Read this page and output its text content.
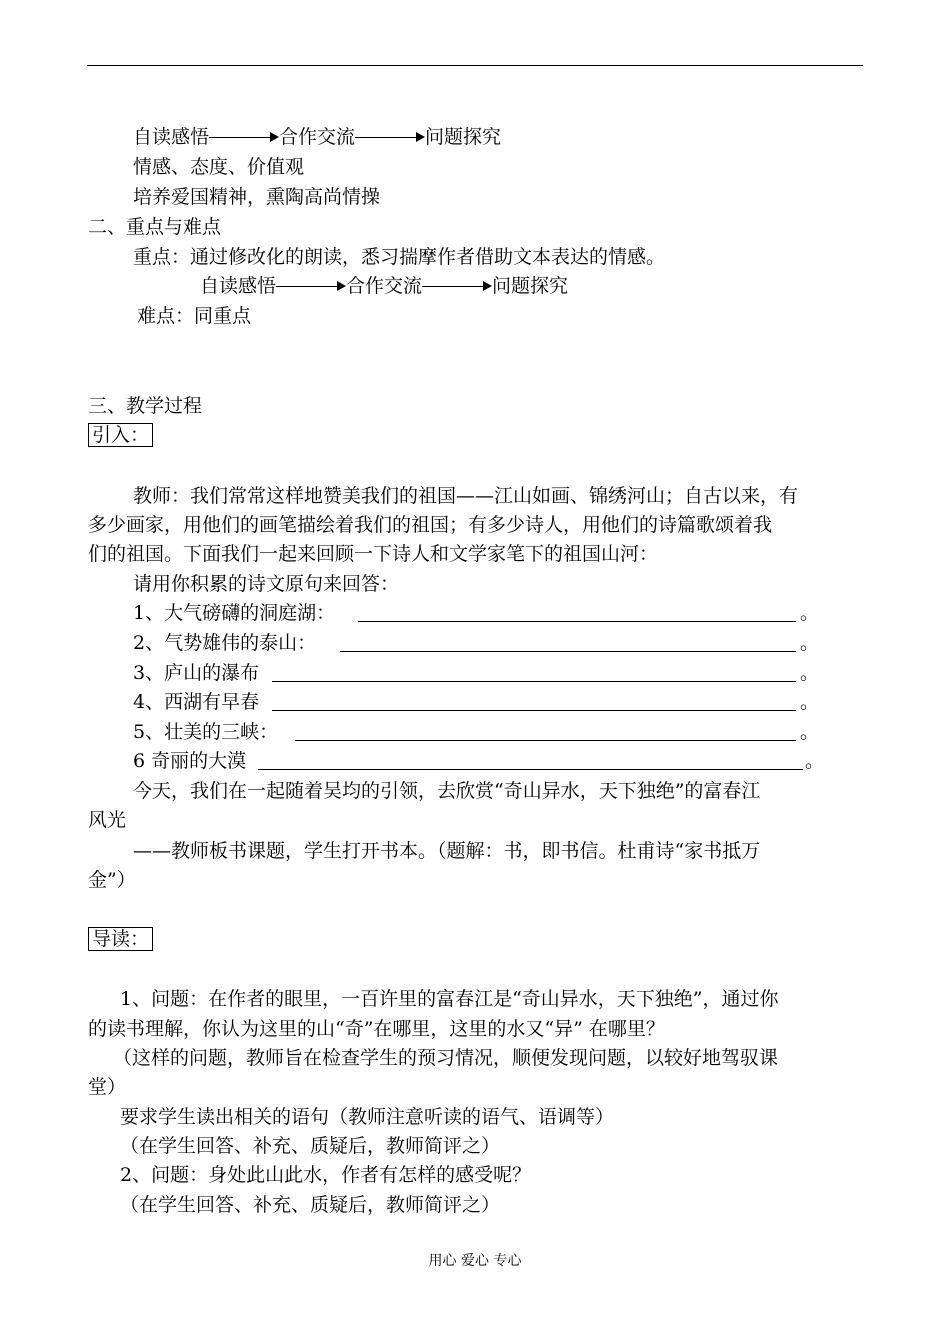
自读感悟	合作交流	问题探究
情感、态度、价值观
培养爱国精神，熏陶高尚情操
二、重点与难点
重点：通过修改化的朗读，悉习揣摩作者借助文本表达的情感。
自读感悟	合作交流	问题探究
难点：同重点
三、教学过程
引入：
教师：我们常常这样地赞美我们的祖国——江山如画、锦绣河山；自古以来，有
多少画家，用他们的画笔描绘着我们的祖国；有多少诗人，用他们的诗篇歌颂着我
们的祖国。下面我们一起来回顾一下诗人和文学家笔下的祖国山河：
请用你积累的诗文原句来回答：
1、大气磅礴的洞庭湖：	。
2、气势雄伟的泰山：	。
3、庐山的瀑布	。
4、西湖有早春	。
5、壮美的三峡：	。
6 奇丽的大漠	。
今天，我们在一起随着吴均的引领，去欣赏“奇山异水，天下独绝”的富春江
风光
——教师板书课题，学生打开书本。（题解：书，即书信。杜甫诗“家书抵万
金”）
导读：
1、问题：在作者的眼里，一百许里的富春江是“奇山异水，天下独绝”，通过你
的读书理解，你认为这里的山“奇”在哪里，这里的水又“异” 在哪里？
（这样的问题，教师旨在检查学生的预习情况，顺便发现问题，以较好地驾驭课
堂）
要求学生读出相关的语句（教师注意听读的语气、语调等）
（在学生回答、补充、质疑后，教师简评之）
2、问题：身处此山此水，作者有怎样的感受呢？
（在学生回答、补充、质疑后，教师简评之）
用心 爱心 专心
